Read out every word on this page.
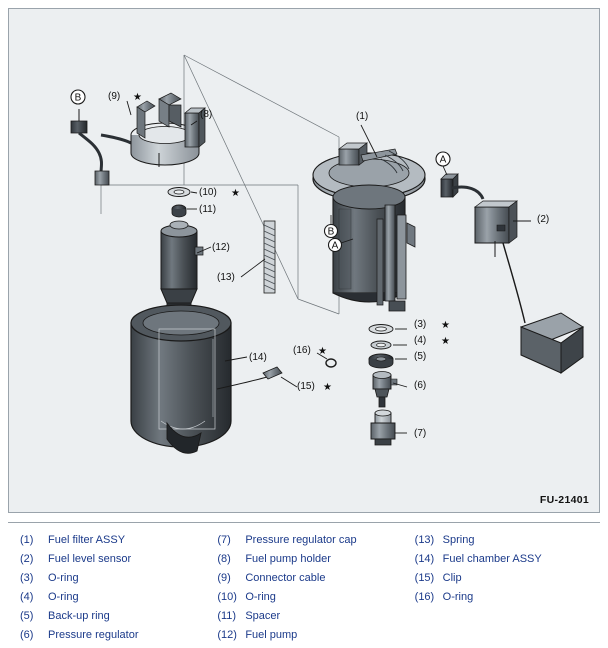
B
A
B
A
(1)
(2)
(3) ★
(4) ★
(5)
(6)
(7)
(8)
(9) ★
(10) ★
(11)
(12)
(13)
(14)
(15) ★
(16) ★
FU-21401
(1)	Fuel filter ASSY
(2)	Fuel level sensor
(3)	O-ring
(4)	O-ring
(5)	Back-up ring
(6)	Pressure regulator
(7)	Pressure regulator cap
(8)	Fuel pump holder
(9)	Connector cable
(10) O-ring
(11) Spacer
(12) Fuel pump
(13) Spring
(14) Fuel chamber ASSY
(15) Clip
(16) O-ring
